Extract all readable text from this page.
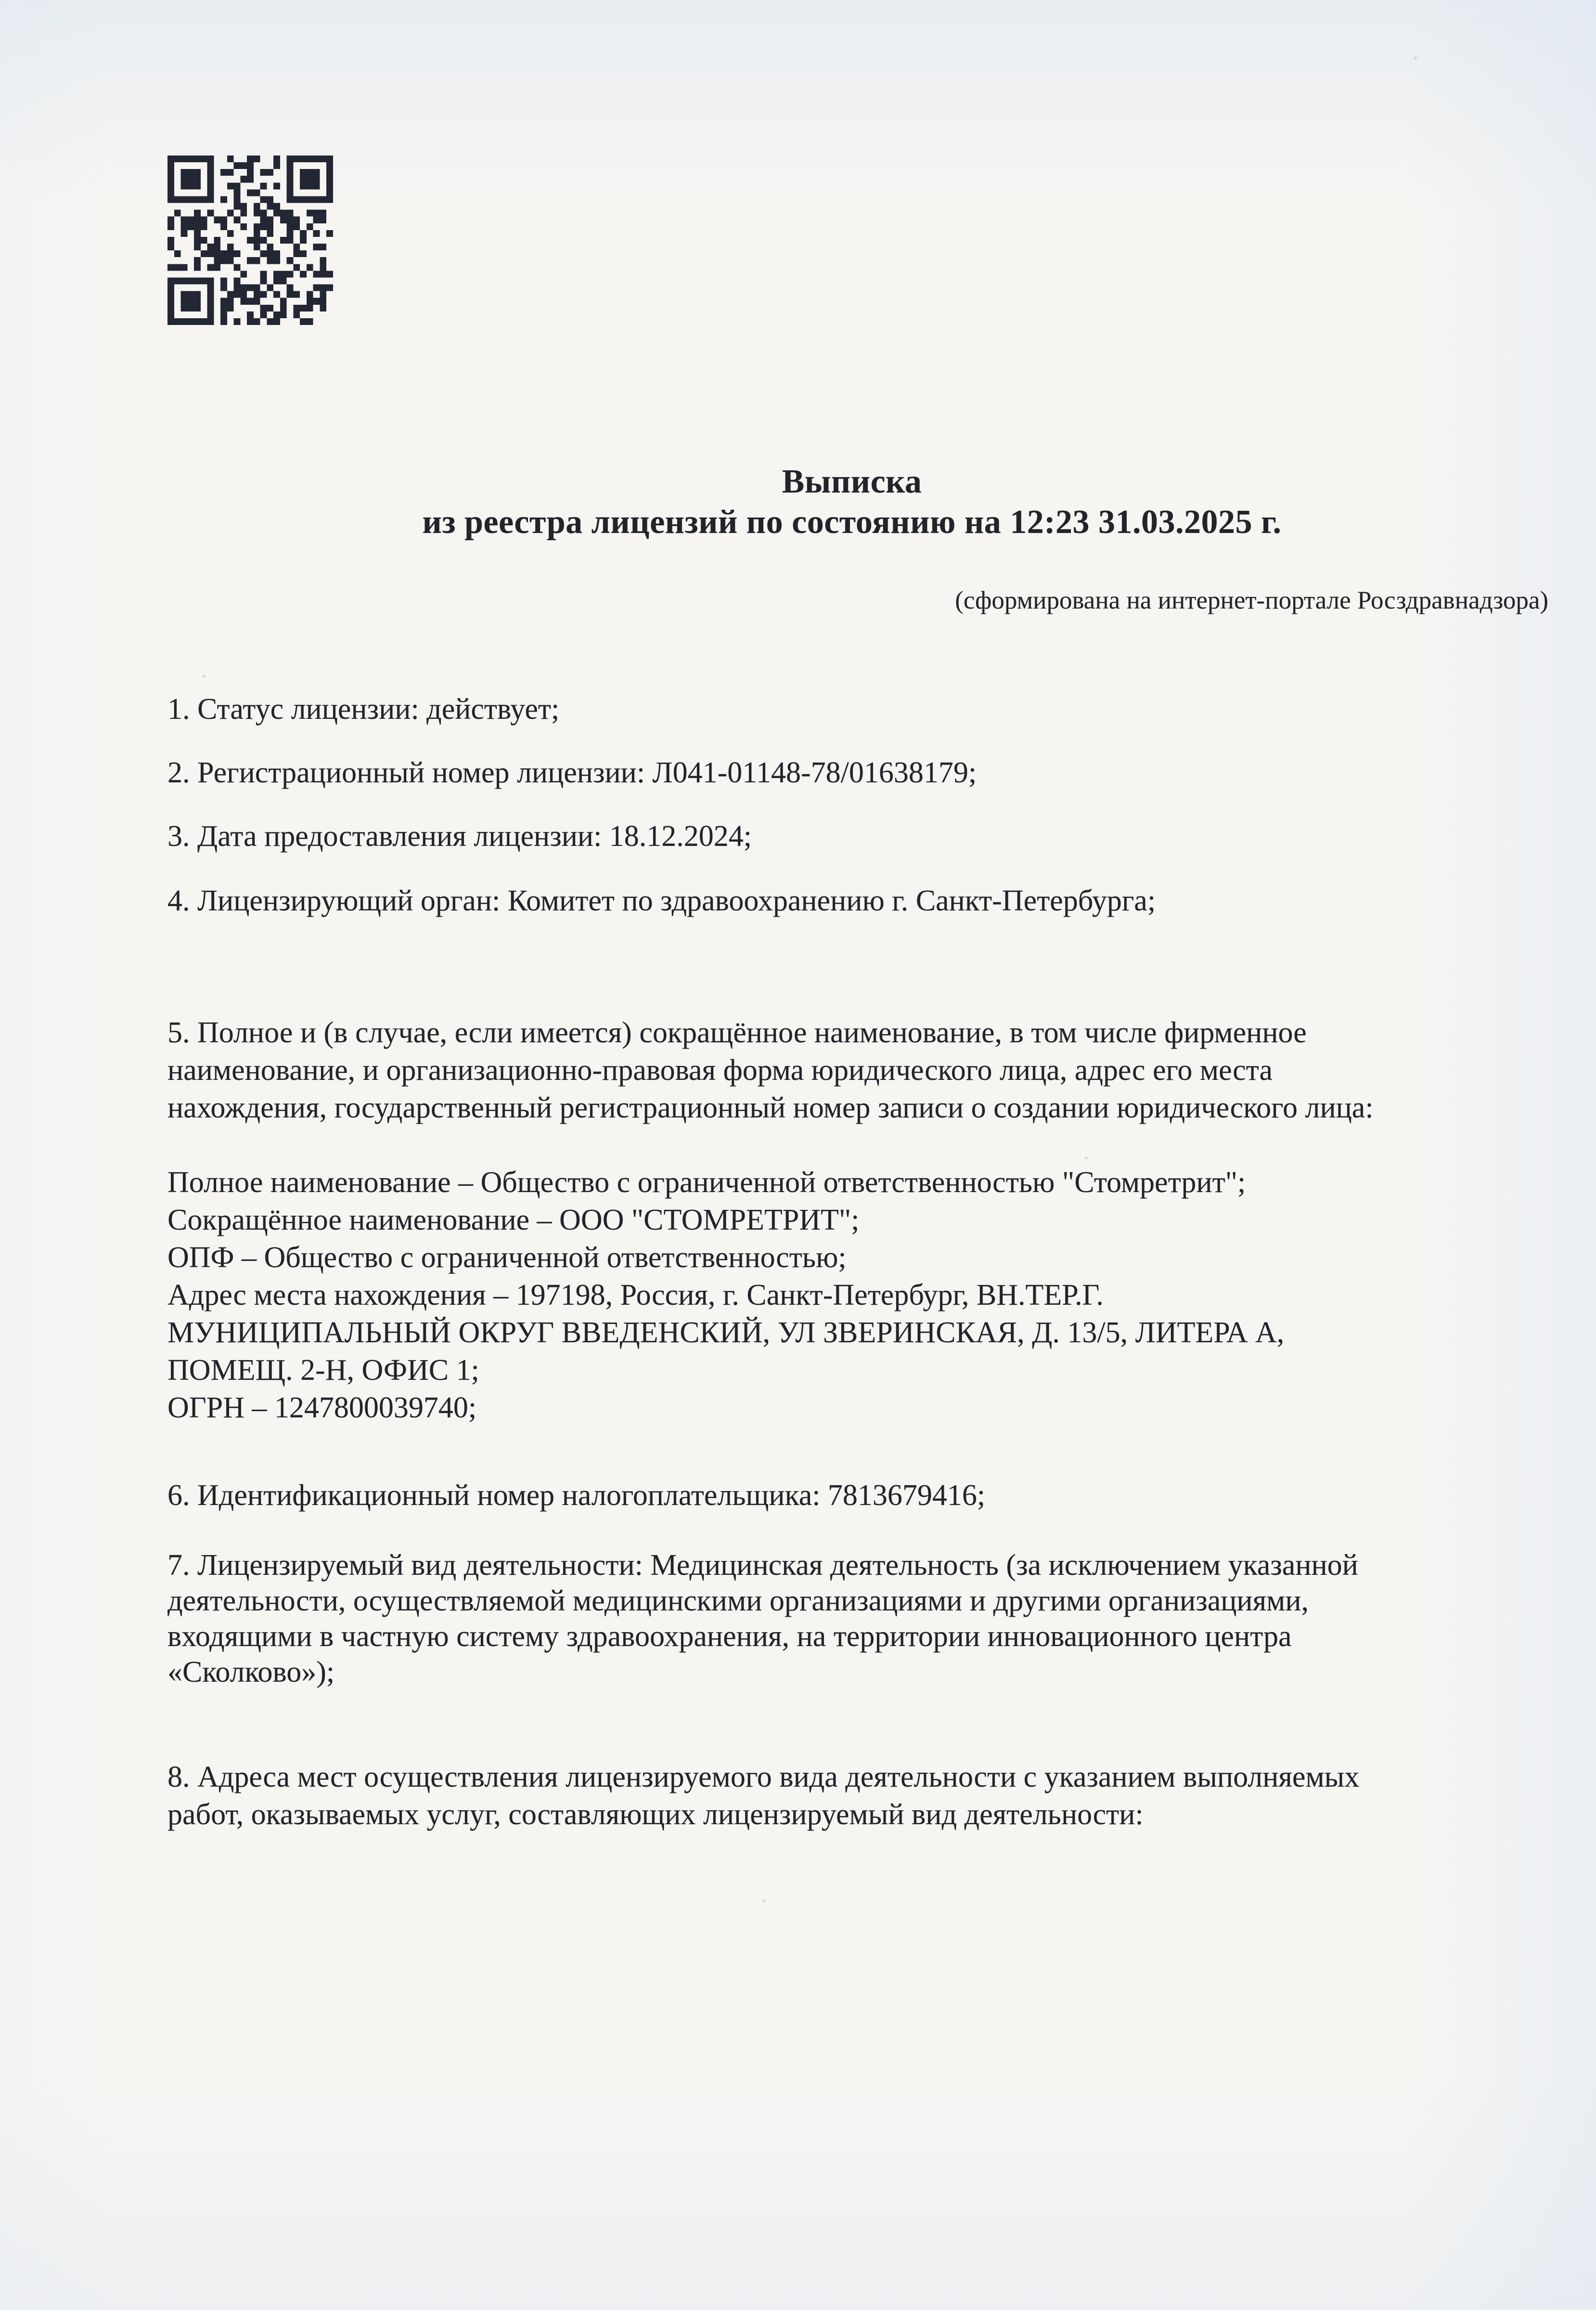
Выписка
из реестра лицензий по состоянию на 12:23 31.03.2025 г.
(сформирована на интернет-портале Росздравнадзора)
1. Статус лицензии: действует;
2. Регистрационный номер лицензии: Л041-01148-78/01638179;
3. Дата предоставления лицензии: 18.12.2024;
4. Лицензирующий орган: Комитет по здравоохранению г. Санкт-Петербурга;
5. Полное и (в случае, если имеется) сокращённое наименование, в том числе фирменное
наименование, и организационно-правовая форма юридического лица, адрес его места
нахождения, государственный регистрационный номер записи о создании юридического лица:
Полное наименование – Общество с ограниченной ответственностью "Стомретрит";
Сокращённое наименование – ООО "СТОМРЕТРИТ";
ОПФ – Общество с ограниченной ответственностью;
Адрес места нахождения – 197198, Россия, г. Санкт-Петербург, ВН.ТЕР.Г.
МУНИЦИПАЛЬНЫЙ ОКРУГ ВВЕДЕНСКИЙ, УЛ ЗВЕРИНСКАЯ, Д. 13/5, ЛИТЕРА А,
ПОМЕЩ. 2-Н, ОФИС 1;
ОГРН – 1247800039740;
6. Идентификационный номер налогоплательщика: 7813679416;
7. Лицензируемый вид деятельности: Медицинская деятельность (за исключением указанной
деятельности, осуществляемой медицинскими организациями и другими организациями,
входящими в частную систему здравоохранения, на территории инновационного центра
«Сколково»);
8. Адреса мест осуществления лицензируемого вида деятельности с указанием выполняемых
работ, оказываемых услуг, составляющих лицензируемый вид деятельности:
